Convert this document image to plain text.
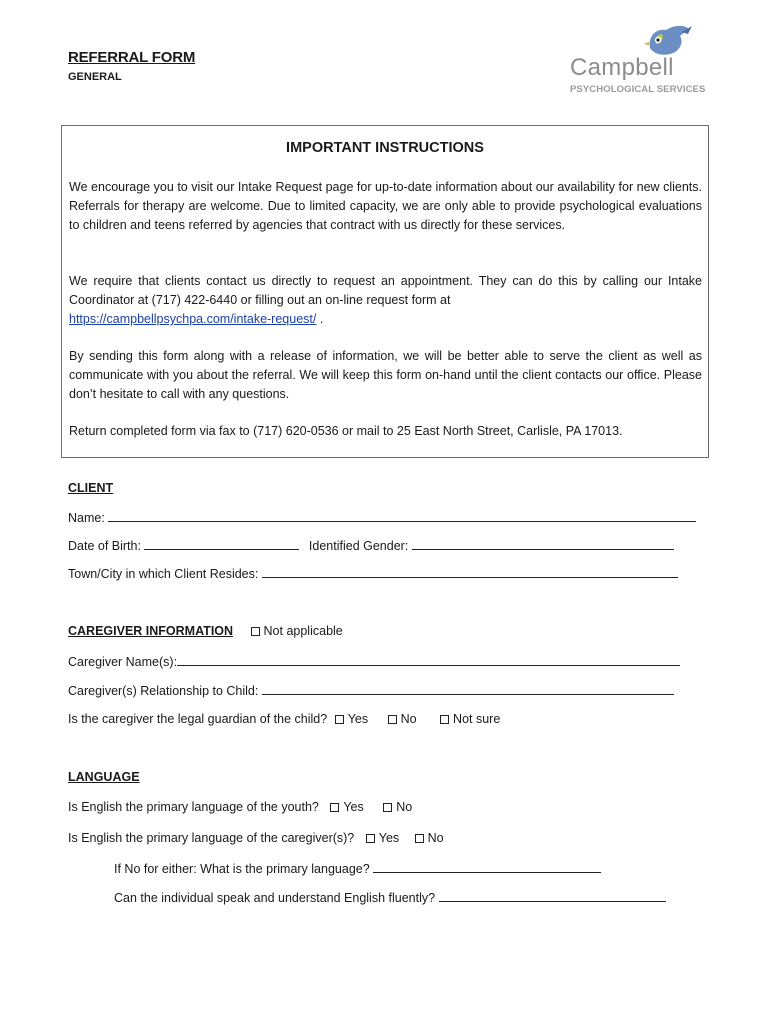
REFERRAL FORM
GENERAL	Campbell
PSYCHOLOGICAL SERVICES
IMPORTANT INSTRUCTIONS
We encourage you to visit our Intake Request page for up-to-date information about our availability for new clients. Referrals for therapy are welcome. Due to limited capacity, we are only able to provide psychological evaluations to children and teens referred by agencies that contract with us directly for these services.
We require that clients contact us directly to request an appointment. They can do this by calling our Intake Coordinator at (717) 422-6440 or filling out an on-line request form at
https://campbellpsychpa.com/intake-request/ .
By sending this form along with a release of information, we will be better able to serve the client as well as communicate with you about the referral. We will keep this form on-hand until the client contacts our office. Please don’t hesitate to call with any questions.
Return completed form via fax to (717) 620-0536 or mail to 25 East North Street, Carlisle, PA 17013.
CLIENT
Name:
Date of Birth:	Identified Gender:
Town/City in which Client Resides:
CAREGIVER INFORMATION Not applicable
Caregiver Name(s):
Caregiver(s) Relationship to Child:
Is the caregiver the legal guardian of the child? Yes	No	Not sure
LANGUAGE
Is English the primary language of the youth? Yes	No
Is English the primary language of the caregiver(s)? Yes No
If No for either: What is the primary language?
Can the individual speak and understand English fluently?
